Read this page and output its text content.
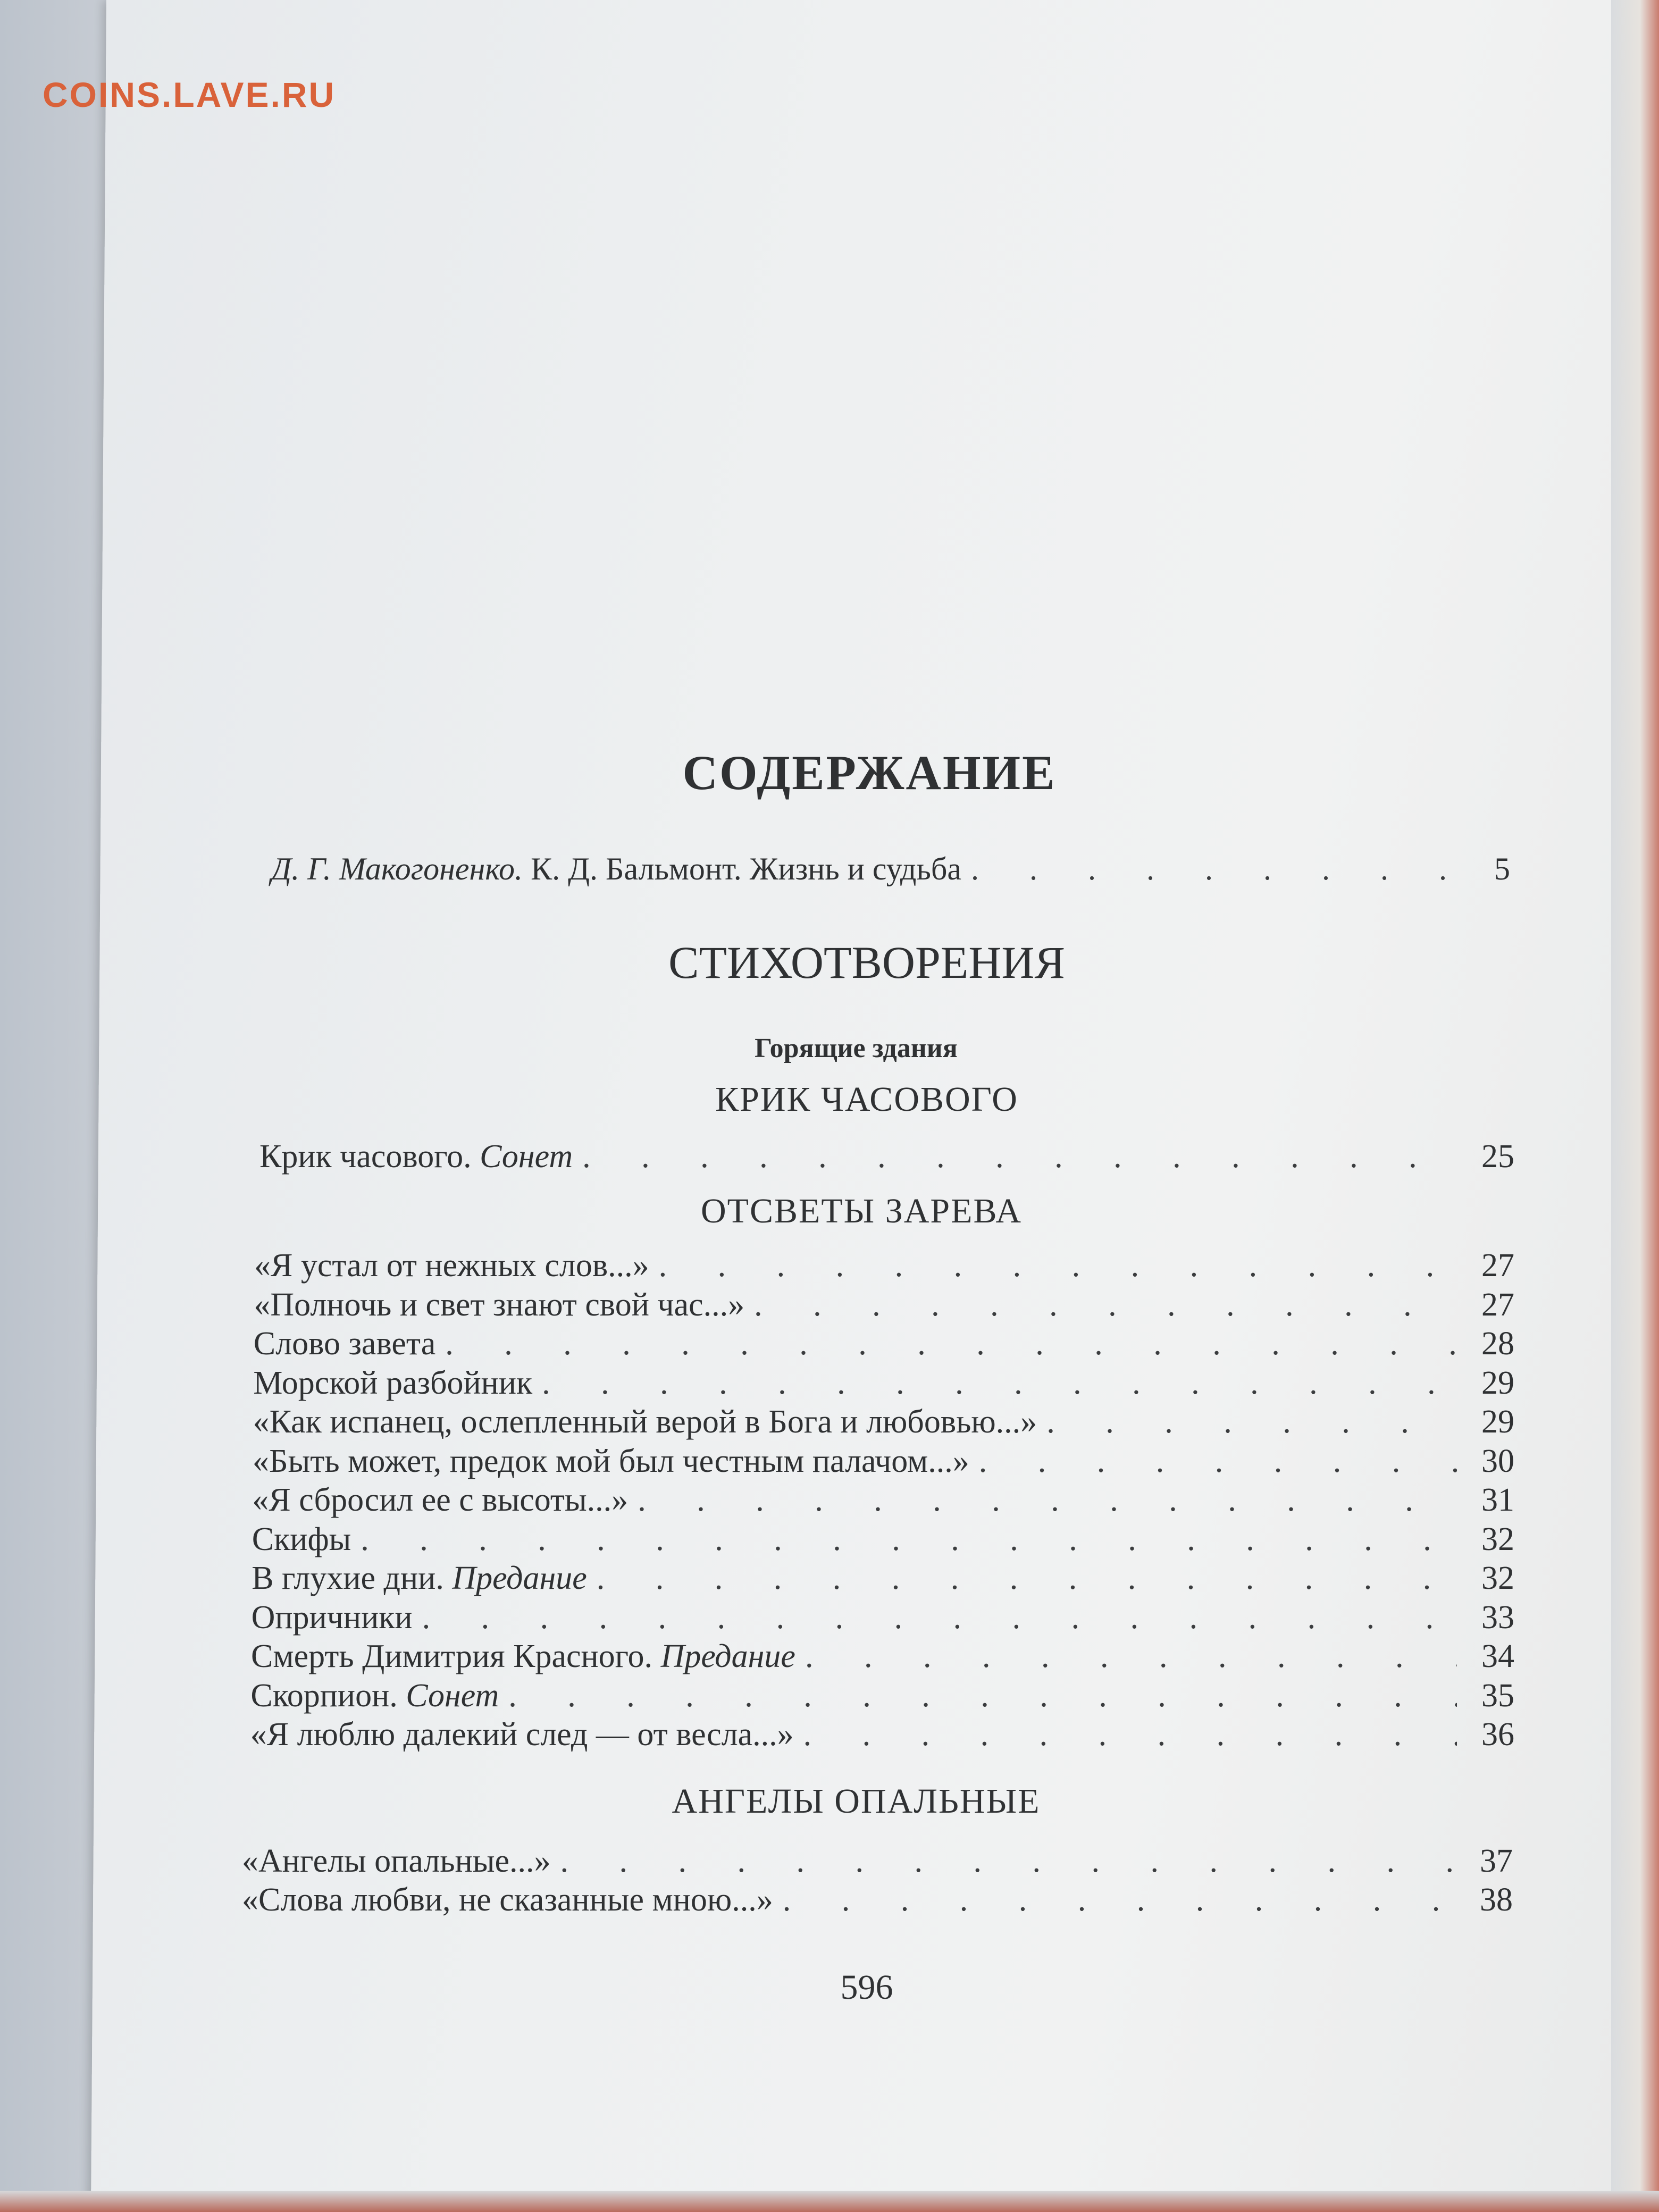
COINS.LAVE.RU
СОДЕРЖАНИЕ
Д. Г. Макогоненко. К. Д. Бальмонт. Жизнь и судьба . . .	5
СТИХОТВОРЕНИЯ
Горящие здания
КРИК ЧАСОВОГО
ОТСВЕТЫ ЗАРЕВА
АНГЕЛЫ ОПАЛЬНЫЕ
Крик часового. Сонет . . .	25
«Я устал от нежных слов...» . . .	27
«Полночь и свет знают свой час...» . . .	27
Слово завета . . .	28
Морской разбойник . . .	29
«Как испанец, ослепленный верой в Бога и любовью...» . . .	29
«Быть может, предок мой был честным палачом...» . . .	30
«Я сбросил ее с высоты...» . . .	31
Скифы . . .	32
В глухие дни. Предание . . .	32
Опричники . . .	33
Смерть Димитрия Красного. Предание . . .	34
Скорпион. Сонет . . .	35
«Я люблю далекий след — от весла...» . . .	36
«Ангелы опальные...» . . .	37
«Слова любви, не сказанные мною...» . . .	38
596
